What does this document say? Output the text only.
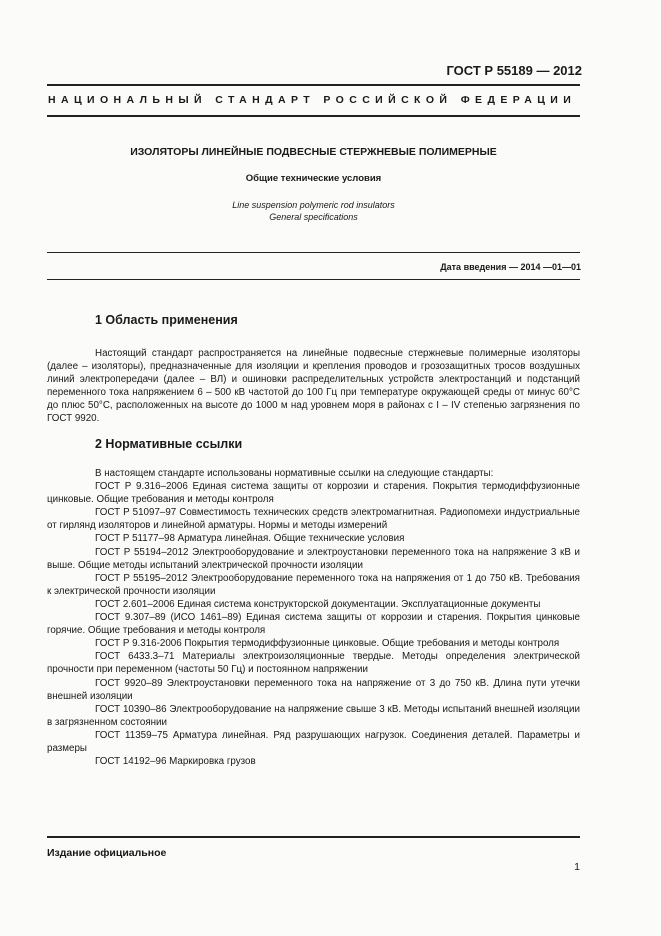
ГОСТ Р 55189 — 2012
НАЦИОНАЛЬНЫЙ СТАНДАРТ РОССИЙСКОЙ ФЕДЕРАЦИИ
ИЗОЛЯТОРЫ ЛИНЕЙНЫЕ ПОДВЕСНЫЕ СТЕРЖНЕВЫЕ ПОЛИМЕРНЫЕ
Общие технические условия
Line suspension polymeric rod insulators
General specifications
Дата введения — 2014 —01—01
1 Область применения
Настоящий стандарт распространяется на линейные подвесные стержневые полимерные изоляторы (далее – изоляторы), предназначенные для изоляции и крепления проводов и грозозащитных тросов воздушных линий электропередачи (далее – ВЛ) и ошиновки распределительных устройств электростанций и подстанций переменного тока напряжением 6 – 500 кВ частотой до 100 Гц при температуре окружающей среды от минус 60°С до плюс 50°С, расположенных на высоте до 1000 м над уровнем моря в районах с I – IV степенью загрязнения по ГОСТ 9920.
2 Нормативные ссылки

В настоящем стандарте использованы нормативные ссылки на следующие стандарты:

ГОСТ Р 9.316–2006 Единая система защиты от коррозии и старения. Покрытия термодиффузионные цинковые. Общие требования и методы контроля

ГОСТ Р 51097–97 Совместимость технических средств электромагнитная. Радиопомехи индустриальные от гирлянд изоляторов и линейной арматуры. Нормы и методы измерений

ГОСТ Р 51177–98 Арматура линейная. Общие технические условия

ГОСТ Р 55194–2012 Электрооборудование и электроустановки переменного тока на напряжение 3 кВ и выше. Общие методы испытаний электрической прочности изоляции

ГОСТ Р 55195–2012 Электрооборудование переменного тока на напряжения от 1 до 750 кВ. Требования к электрической прочности изоляции

ГОСТ 2.601–2006 Единая система конструкторской документации. Эксплуатационные документы

ГОСТ 9.307–89 (ИСО 1461–89) Единая система защиты от коррозии и старения. Покрытия цинковые горячие. Общие требования и методы контроля

ГОСТ Р 9.316-2006 Покрытия термодиффузионные цинковые. Общие требования и методы контроля

ГОСТ 6433.3–71 Материалы электроизоляционные твердые. Методы определения электрической прочности при переменном (частоты 50 Гц) и постоянном напряжении

ГОСТ 9920–89 Электроустановки переменного тока на напряжение от 3 до 750 кВ. Длина пути утечки внешней изоляции

ГОСТ 10390–86 Электрооборудование на напряжение свыше 3 кВ. Методы испытаний внешней изоляции в загрязненном состоянии

ГОСТ 11359–75 Арматура линейная. Ряд разрушающих нагрузок. Соединения деталей. Параметры и размеры

ГОСТ 14192–96 Маркировка грузов

Издание официальное
1
